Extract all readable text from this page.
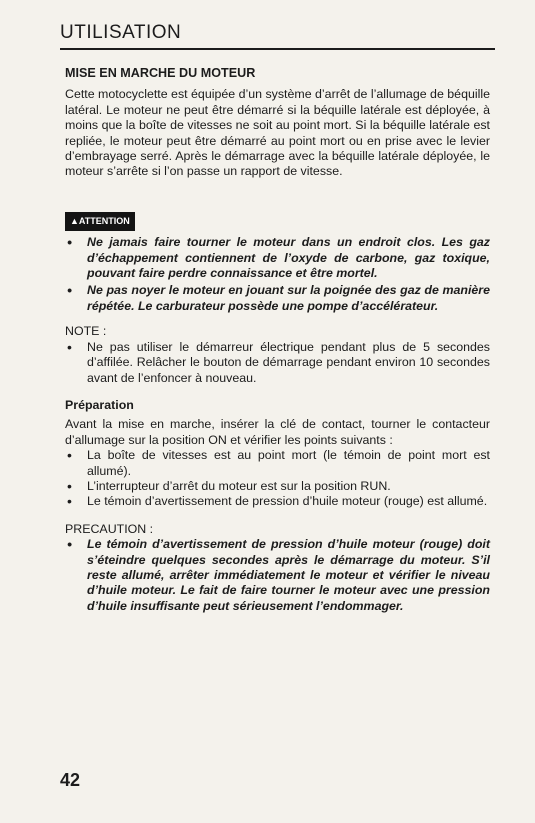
UTILISATION
MISE EN MARCHE DU MOTEUR

Cette motocyclette est équipée d’un système d’arrêt de l’allumage de béquille latéral. Le moteur ne peut être démarré si la béquille latérale est déployée, à moins que la boîte de vitesses ne soit au point mort. Si la béquille latérale est repliée, le moteur peut être démarré au point mort ou en prise avec le levier d’embrayage serré. Après le démarrage avec la béquille latérale déployée, le moteur s’arrête si l’on passe un rapport de vitesse.

▲ATTENTION
• Ne jamais faire tourner le moteur dans un endroit clos. Les gaz d’échappement contiennent de l’oxyde de carbone, gaz toxique, pouvant faire perdre connaissance et être mortel.
• Ne pas noyer le moteur en jouant sur la poignée des gaz de manière répétée. Le carburateur possède une pompe d’accélérateur.
NOTE :
• Ne pas utiliser le démarreur électrique pendant plus de 5 secondes d’affilée. Relâcher le bouton de démarrage pendant environ 10 secondes avant de l’enfoncer à nouveau.
Préparation

Avant la mise en marche, insérer la clé de contact, tourner le contacteur d’allumage sur la position ON et vérifier les points suivants :

• La boîte de vitesses est au point mort (le témoin de point mort est allumé).
• L’interrupteur d’arrêt du moteur est sur la position RUN.
• Le témoin d’avertissement de pression d’huile moteur (rouge) est allumé.
PRECAUTION :
• Le témoin d’avertissement de pression d’huile moteur (rouge) doit s’éteindre quelques secondes après le démarrage du moteur. S’il reste allumé, arrêter immédiatement le moteur et vérifier le niveau d’huile moteur. Le fait de faire tourner le moteur avec une pression d’huile insuffisante peut sérieusement l’endommager.
42
